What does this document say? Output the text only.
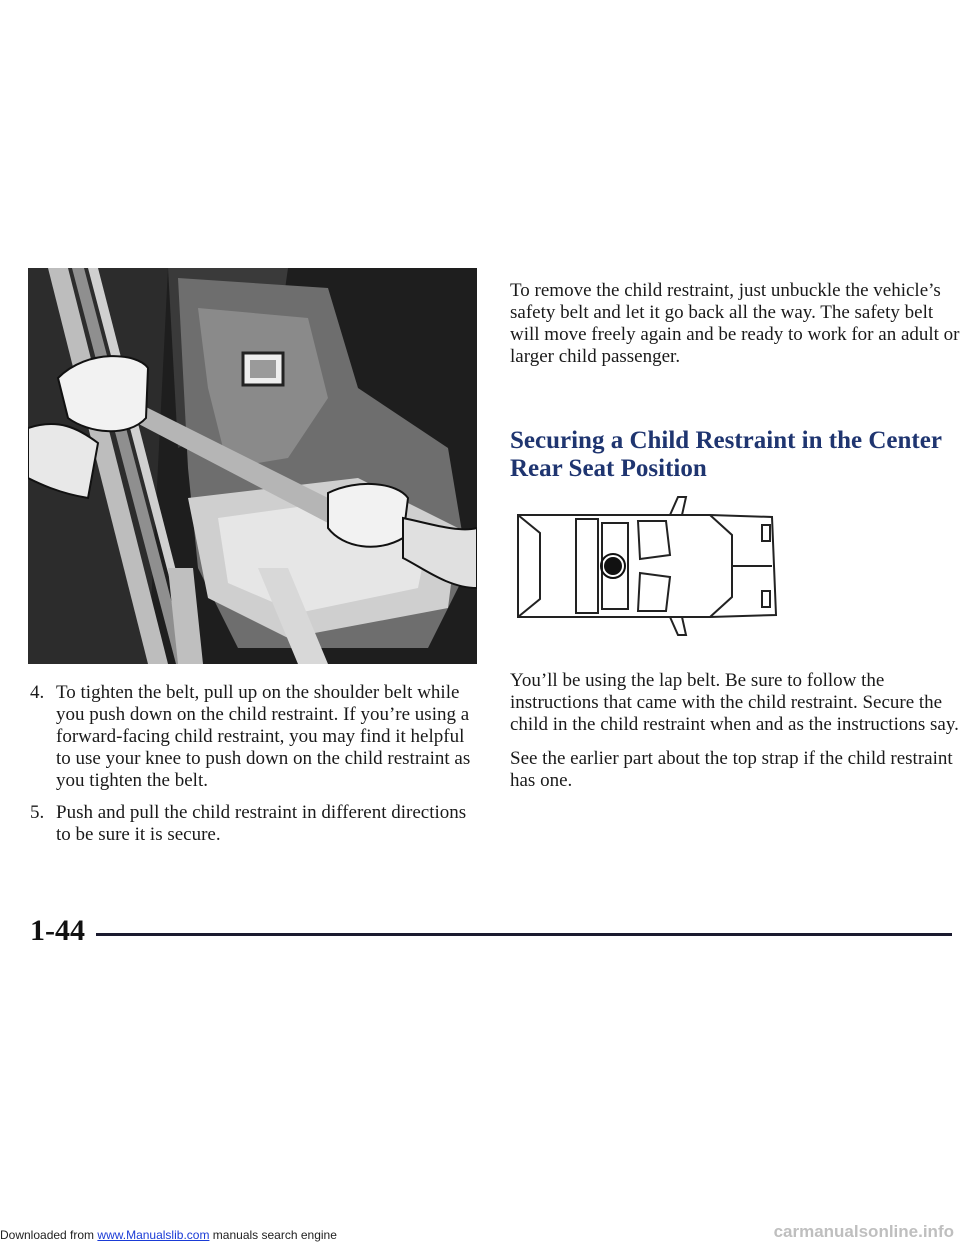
4. To tighten the belt, pull up on the shoulder belt while you push down on the child restraint. If you’re using a forward-facing child restraint, you may find it helpful to use your knee to push down on the child restraint as you tighten the belt.
5. Push and pull the child restraint in different directions to be sure it is secure.

To remove the child restraint, just unbuckle the vehicle’s safety belt and let it go back all the way. The safety belt will move freely again and be ready to work for an adult or larger child passenger.

Securing a Child Restraint in the Center
Rear Seat Position

You’ll be using the lap belt. Be sure to follow the instructions that came with the child restraint. Secure the child in the child restraint when and as the instructions say.

See the earlier part about the top strap if the child restraint has one.

1-44
Downloaded from www.Manualslib.com manuals search engine	carmanualsonline.info
